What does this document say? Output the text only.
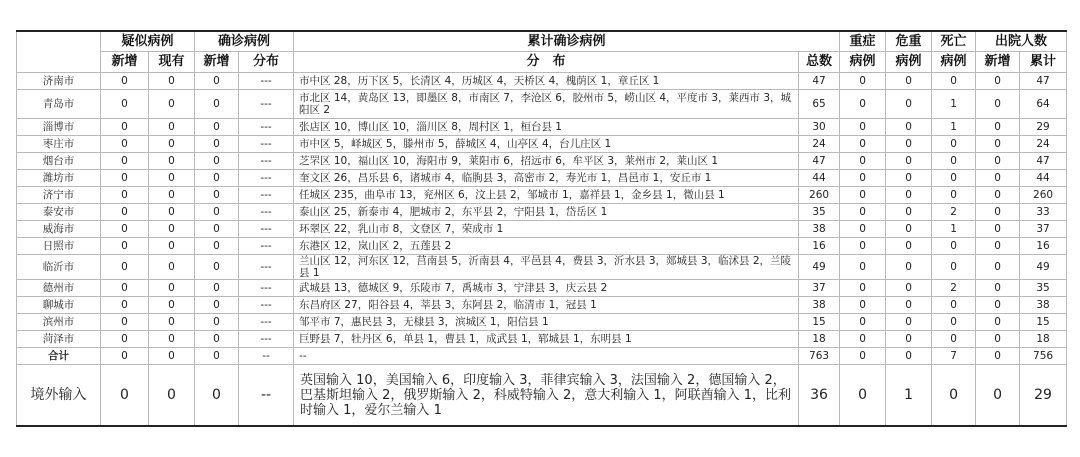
	疑似病例		确诊病例		累计确诊病例		重症	危重	死亡	出院人数	
	新增	现有	新增	分布	分　布	总数	病例	病例	病例	新增	累计
济南市	0	0	0	---	市中区 28，历下区 5，长清区 4，历城区 4，天桥区 4，槐荫区 1，章丘区 1	47	0	0	0	0	47
青岛市	0	0	0	---	市北区 14，黄岛区 13，即墨区 8，市南区 7，李沧区 6，胶州市 5，崂山区 4，平度市 3，莱西市 3，城阳区 2	65	0	0	1	0	64
淄博市	0	0	0	---	张店区 10，博山区 10，淄川区 8，周村区 1，桓台县 1	30	0	0	1	0	29
枣庄市	0	0	0	---	市中区 5，峄城区 5，滕州市 5，薛城区 4，山亭区 4，台儿庄区 1	24	0	0	0	0	24
烟台市	0	0	0	---	芝罘区 10，福山区 10，海阳市 9，莱阳市 6，招远市 6，牟平区 3，莱州市 2，莱山区 1	47	0	0	0	0	47
潍坊市	0	0	0	---	奎文区 26，昌乐县 6，诸城市 4，临朐县 3，高密市 2，寿光市 1，昌邑市 1，安丘市 1	44	0	0	0	0	44
济宁市	0	0	0	---	任城区 235，曲阜市 13，兖州区 6，汶上县 2，邹城市 1，嘉祥县 1，金乡县 1，微山县 1	260	0	0	0	0	260
泰安市	0	0	0	---	泰山区 25，新泰市 4，肥城市 2，东平县 2，宁阳县 1，岱岳区 1	35	0	0	2	0	33
威海市	0	0	0	---	环翠区 22，乳山市 8，文登区 7，荣成市 1	38	0	0	1	0	37
日照市	0	0	0	---	东港区 12，岚山区 2，五莲县 2	16	0	0	0	0	16
临沂市	0	0	0	---	兰山区 12，河东区 12，莒南县 5，沂南县 4，平邑县 4，费县 3，沂水县 3，郯城县 3，临沭县 2，兰陵县 1	49	0	0	0	0	49
德州市	0	0	0	---	武城县 13，德城区 9，乐陵市 7，禹城市 3，宁津县 3，庆云县 2	37	0	0	2	0	35
聊城市	0	0	0	---	东昌府区 27，阳谷县 4，莘县 3，东阿县 2，临清市 1，冠县 1	38	0	0	0	0	38
滨州市	0	0	0	---	邹平市 7，惠民县 3，无棣县 3，滨城区 1，阳信县 1	15	0	0	0	0	15
菏泽市	0	0	0	---	巨野县 7，牡丹区 6，单县 1，曹县 1，成武县 1，郓城县 1，东明县 1	18	0	0	0	0	18
合计	0	0	0	--	--	763	0	0	7	0	756
境外输入	0	0	0	--	英国输入 10，美国输入 6，印度输入 3，菲律宾输入 3，法国输入 2，德国输入 2，巴基斯坦输入 2，俄罗斯输入 2，科威特输入 2，意大利输入 1，阿联酋输入 1，比利时输入 1，爱尔兰输入 1	36	0	1	0	0	29
